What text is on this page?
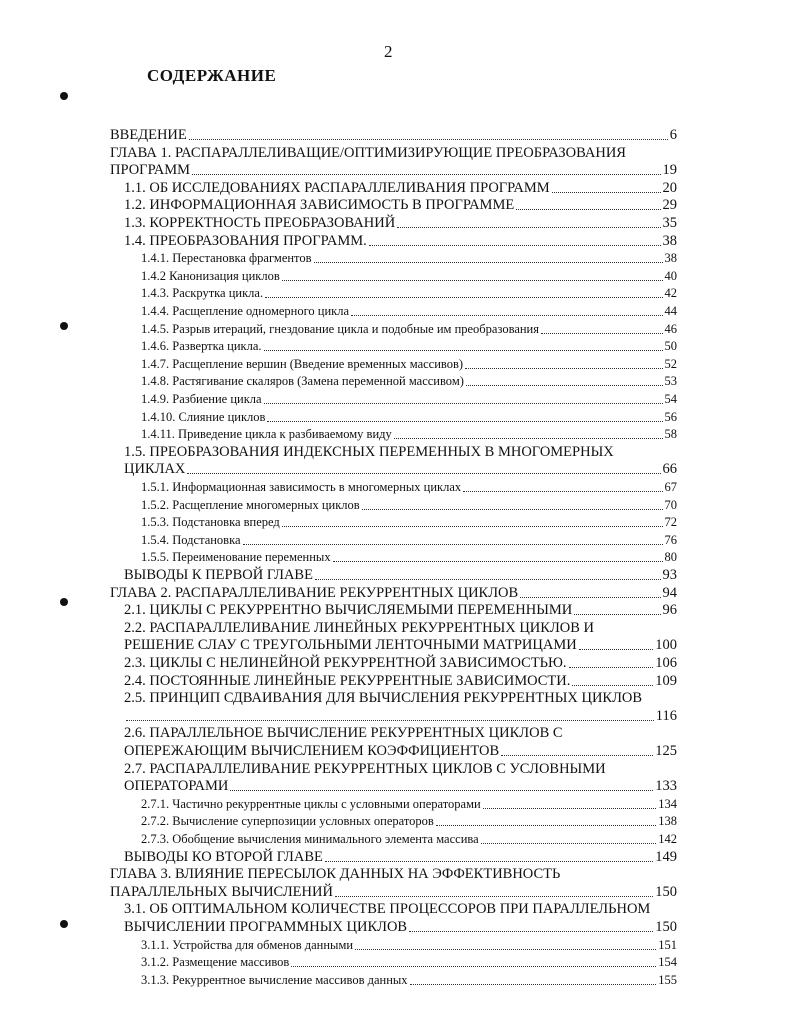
2
СОДЕРЖАНИЕ
ВВЕДЕНИЕ	6
ГЛАВА 1. РАСПАРАЛЛЕЛИВАЩИЕ/ОПТИМИЗИРУЮЩИЕ ПРЕОБРАЗОВАНИЯ
ПРОГРАММ	19
1.1. ОБ ИССЛЕДОВАНИЯХ РАСПАРАЛЛЕЛИВАНИЯ ПРОГРАММ	20
1.2. ИНФОРМАЦИОННАЯ ЗАВИСИМОСТЬ В ПРОГРАММЕ	29
1.3. КОРРЕКТНОСТЬ ПРЕОБРАЗОВАНИЙ	35
1.4. ПРЕОБРАЗОВАНИЯ ПРОГРАММ.	38
1.4.1. Перестановка фрагментов	38
1.4.2 Канонизация циклов	40
1.4.3. Раскрутка цикла.	42
1.4.4. Расщепление одномерного цикла	44
1.4.5. Разрыв итераций, гнездование цикла и подобные им преобразования	46
1.4.6. Развертка цикла.	50
1.4.7. Расщепление вершин (Введение временных массивов)	52
1.4.8. Растягивание скаляров (Замена переменной массивом)	53
1.4.9. Разбиение цикла	54
1.4.10. Слияние циклов	56
1.4.11. Приведение цикла к разбиваемому виду	58
1.5. ПРЕОБРАЗОВАНИЯ ИНДЕКСНЫХ ПЕРЕМЕННЫХ В МНОГОМЕРНЫХ
ЦИКЛАХ	66
1.5.1. Информационная зависимость в многомерных циклах	67
1.5.2. Расщепление многомерных циклов	70
1.5.3. Подстановка вперед	72
1.5.4. Подстановка	76
1.5.5. Переименование переменных	80
ВЫВОДЫ К ПЕРВОЙ ГЛАВЕ	93
ГЛАВА 2. РАСПАРАЛЛЕЛИВАНИЕ РЕКУРРЕНТНЫХ ЦИКЛОВ	94
2.1. ЦИКЛЫ С РЕКУРРЕНТНО ВЫЧИСЛЯЕМЫМИ ПЕРЕМЕННЫМИ	96
2.2. РАСПАРАЛЛЕЛИВАНИЕ ЛИНЕЙНЫХ РЕКУРРЕНТНЫХ ЦИКЛОВ И
РЕШЕНИЕ СЛАУ С ТРЕУГОЛЬНЫМИ ЛЕНТОЧНЫМИ МАТРИЦАМИ	100
2.3. ЦИКЛЫ С НЕЛИНЕЙНОЙ РЕКУРРЕНТНОЙ ЗАВИСИМОСТЬЮ.	106
2.4. ПОСТОЯННЫЕ ЛИНЕЙНЫЕ РЕКУРРЕНТНЫЕ ЗАВИСИМОСТИ.	109
2.5. ПРИНЦИП СДВАИВАНИЯ ДЛЯ ВЫЧИСЛЕНИЯ РЕКУРРЕНТНЫХ ЦИКЛОВ
116
2.6. ПАРАЛЛЕЛЬНОЕ ВЫЧИСЛЕНИЕ РЕКУРРЕНТНЫХ ЦИКЛОВ С
ОПЕРЕЖАЮЩИМ ВЫЧИСЛЕНИЕМ КОЭФФИЦИЕНТОВ	125
2.7. РАСПАРАЛЛЕЛИВАНИЕ РЕКУРРЕНТНЫХ ЦИКЛОВ С УСЛОВНЫМИ
ОПЕРАТОРАМИ	133
2.7.1. Частично рекуррентные циклы с условными операторами	134
2.7.2. Вычисление суперпозиции условных операторов	138
2.7.3. Обобщение вычисления минимального элемента массива	142
ВЫВОДЫ КО ВТОРОЙ ГЛАВЕ	149
ГЛАВА 3. ВЛИЯНИЕ ПЕРЕСЫЛОК ДАННЫХ НА ЭФФЕКТИВНОСТЬ
ПАРАЛЛЕЛЬНЫХ ВЫЧИСЛЕНИЙ	150
3.1. ОБ ОПТИМАЛЬНОМ КОЛИЧЕСТВЕ ПРОЦЕССОРОВ ПРИ ПАРАЛЛЕЛЬНОМ
ВЫЧИСЛЕНИИ ПРОГРАММНЫХ ЦИКЛОВ	150
3.1.1. Устройства для обменов данными	151
3.1.2. Размещение массивов	154
3.1.3. Рекуррентное вычисление массивов данных	155
